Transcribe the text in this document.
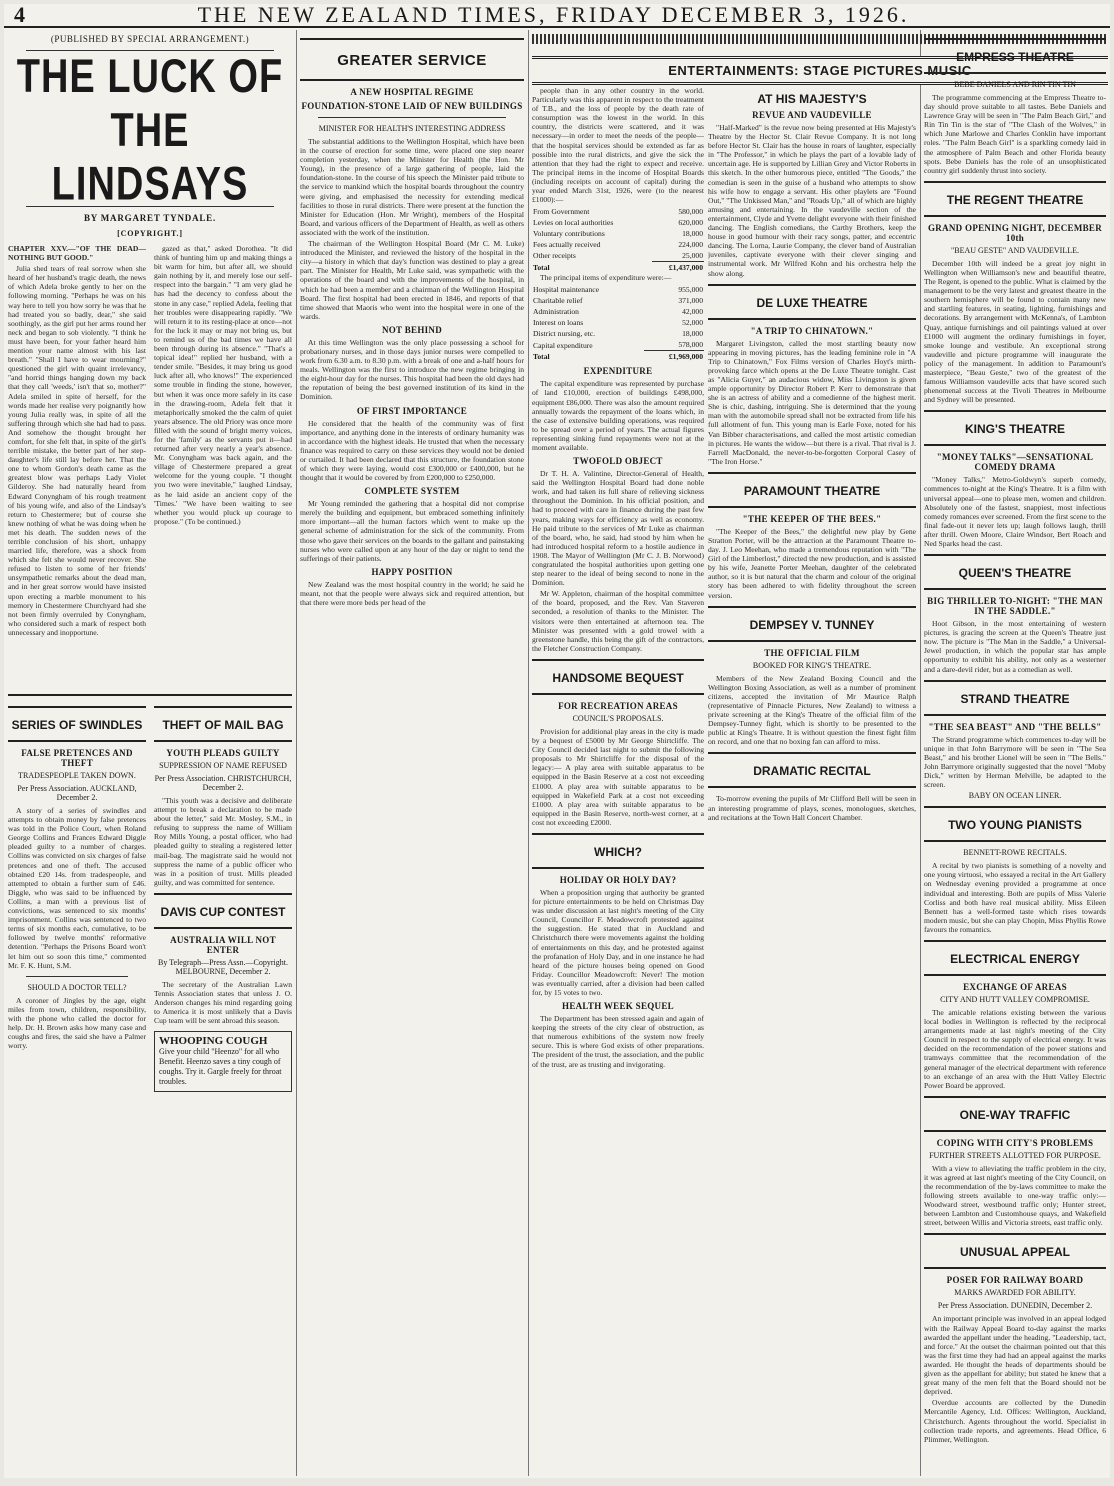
4	THE NEW ZEALAND TIMES, FRIDAY DECEMBER 3, 1926.
(PUBLISHED BY SPECIAL ARRANGEMENT.)
THE LUCK OF THE LINDSAYS
BY MARGARET TYNDALE.
[COPYRIGHT.]

CHAPTER XXV.—"OF THE DEAD—NOTHING BUT GOOD."

Julia shed tears of real sorrow when she heard of her husband's tragic death, the news of which Adela broke gently to her on the following morning. "Perhaps he was on his way here to tell you how sorry he was that he had treated you so badly, dear," she said soothingly, as the girl put her arms round her neck and began to sob violently. "I think he must have been, for your father heard him mention your name almost with his last breath." "Shall I have to wear mourning?" questioned the girl with quaint irrelevancy, "and horrid things hanging down my back that they call 'weeds,' isn't that so, mother?" Adela smiled in spite of herself, for the words made her realise very poignantly how young Julia really was, in spite of all the suffering through which she had had to pass. And somehow the thought brought her comfort, for she felt that, in spite of the girl's terrible mistake, the better part of her step-daughter's life still lay before her. That the one to whom Gordon's death came as the greatest blow was perhaps Lady Violet Gilderoy. She had naturally heard from Edward Conyngham of his rough treatment of his young wife, and also of the Lindsay's return to Chestermere; but of course she knew nothing of what he was doing when he met his death. The sudden news of the terrible conclusion of his short, unhappy married life, therefore, was a shock from which she felt she would never recover. She refused to listen to some of her friends' unsympathetic remarks about the dead man, and in her great sorrow would have insisted upon erecting a marble monument to his memory in Chestermere Churchyard had she not been firmly overruled by Conyngham, who considered such a mark of respect both unnecessary and inopportune.

gazed as that," asked Dorothea. "It did think of hunting him up and making things a bit warm for him, but after all, we should gain nothing by it, and merely lose our self-respect into the bargain." "I am very glad he has had the decency to confess about the stone in any case," replied Adela, feeling that her troubles were disappearing rapidly. "We will return it to its resting-place at once—not for the luck it may or may not bring us, but to remind us of the bad times we have all been through during its absence." "That's a topical idea!" replied her husband, with a tender smile. "Besides, it may bring us good luck after all, who knows!" The experienced some trouble in finding the stone, however, but when it was once more safely in its case in the drawing-room, Adela felt that it metaphorically smoked the the calm of quiet years absence. The old Priory was once more filled with the sound of bright merry voices, for the 'family' as the servants put it—had returned after very nearly a year's absence. Mr. Conyngham was back again, and the village of Chestermere prepared a great welcome for the young couple. "I thought you two were inevitable," laughed Lindsay, as he laid aside an ancient copy of the 'Times.' "We have been waiting to see whether you would pluck up courage to propose." (To be continued.)

SERIES OF SWINDLES
FALSE PRETENCES AND THEFT
TRADESPEOPLE TAKEN DOWN.
Per Press Association. AUCKLAND, December 2.

A story of a series of swindles and attempts to obtain money by false pretences was told in the Police Court, when Roland George Collins and Frances Edward Diggle pleaded guilty to a number of charges. Collins was convicted on six charges of false pretences and one of theft. The accused obtained £20 14s. from tradespeople, and attempted to obtain a further sum of £46. Diggle, who was said to be influenced by Collins, a man with a previous list of convictions, was sentenced to six months' imprisonment. Collins was sentenced to two terms of six months each, cumulative, to be followed by twelve months' reformative detention. "Perhaps the Prisons Board won't let him out so soon this time," commented Mr. F. K. Hunt, S.M.

SHOULD A DOCTOR TELL?

A coroner of Jingles by the age, eight miles from town, children, responsibility, with the phone who called the doctor for help. Dr. H. Brown asks how many case and coughs and fires, the said she have a Palmer worry.

THEFT OF MAIL BAG
YOUTH PLEADS GUILTY
SUPPRESSION OF NAME REFUSED
Per Press Association. CHRISTCHURCH, December 2.

"This youth was a decisive and deliberate attempt to break a declaration to be made about the letter," said Mr. Mosley, S.M., in refusing to suppress the name of William Roy Mills Young, a postal officer, who had pleaded guilty to stealing a registered letter mail-bag. The magistrate said he would not suppress the name of a public officer who was in a position of trust. Mills pleaded guilty, and was committed for sentence.

DAVIS CUP CONTEST
AUSTRALIA WILL NOT ENTER
By Telegraph—Press Assn.—Copyright. MELBOURNE, December 2.

The secretary of the Australian Lawn Tennis Association states that unless J. O. Anderson changes his mind regarding going to America it is most unlikely that a Davis Cup team will be sent abroad this season.

WHOOPING COUGH
Give your child "Heenzo" for all who Benefit. Heenzo saves a tiny cough of coughs. Try it. Gargle freely for throat troubles.
GREATER SERVICE
A NEW HOSPITAL REGIME
FOUNDATION-STONE LAID OF NEW BUILDINGS
MINISTER FOR HEALTH'S INTERESTING ADDRESS

The substantial additions to the Wellington Hospital, which have been in the course of erection for some time, were placed one step nearer completion yesterday, when the Minister for Health (the Hon. Mr Young), in the presence of a large gathering of people, laid the foundation-stone. In the course of his speech the Minister paid tribute to the service to mankind which the hospital boards throughout the country were giving, and emphasised the necessity for extending medical facilities to those in rural districts. There were present at the function the Minister for Education (Hon. Mr Wright), members of the Hospital Board, and various officers of the Department of Health, as well as others associated with the work of the institution.

The chairman of the Wellington Hospital Board (Mr C. M. Luke) introduced the Minister, and reviewed the history of the hospital in the city—a history in which that day's function was destined to play a great part. The Minister for Health, Mr Luke said, was sympathetic with the operations of the board and with the improvements of the hospital, in which he had been a member and a chairman of the Wellington Hospital Board. The first hospital had been erected in 1846, and reports of that time showed that Maoris who went into the hospital were in one of the wards.

NOT BEHIND

At this time Wellington was the only place possessing a school for probationary nurses, and in those days junior nurses were compelled to work from 6.30 a.m. to 8.30 p.m. with a break of one and a-half hours for meals. Wellington was the first to introduce the new regime bringing in the eight-hour day for the nurses. This hospital had been the old days had the reputation of being the best governed institution of its kind in the Dominion.

OF FIRST IMPORTANCE

He considered that the health of the community was of first importance, and anything done in the interests of ordinary humanity was in accordance with the highest ideals. He trusted that when the necessary finance was required to carry on these services they would not be denied or curtailed. It had been declared that this structure, the foundation stone of which they were laying, would cost £300,000 or £400,000, but he thought that it would be covered by from £200,000 to £250,000.

COMPLETE SYSTEM

Mr Young reminded the gathering that a hospital did not comprise merely the building and equipment, but embraced something infinitely more important—all the human factors which went to make up the general scheme of administration for the sick of the community. From those who gave their services on the boards to the gallant and painstaking nurses who were called upon at any hour of the day or night to tend the sufferings of their patients.

HAPPY POSITION

New Zealand was the most hospital country in the world; he said he meant, not that the people were always sick and required attention, but that there were more beds per head of the

ENTERTAINMENTS: STAGE PICTURES MUSIC

people than in any other country in the world. Particularly was this apparent in respect to the treatment of T.B., and the loss of people by the death rate of consumption was the lowest in the world. In this country, the districts were scattered, and it was necessary—in order to meet the needs of the people—that the hospital services should be extended as far as possible into the rural districts, and give the sick the attention that they had the right to expect and receive. The principal items in the income of Hospital Boards (including receipts on account of capital) during the year ended March 31st, 1926, were (to the nearest £1000):—

From Government	580,000
Levies on local authorities	620,000
Voluntary contributions	18,000
Fees actually received	224,000
Other receipts	25,000
Total	£1,437,000

The principal items of expenditure were:—

Hospital maintenance	955,000
Charitable relief	371,000
Administration	42,000
Interest on loans	52,000
District nursing, etc.	18,000
Capital expenditure	578,000
Total	£1,969,000
EXPENDITURE

The capital expenditure was represented by purchase of land £10,000, erection of buildings £498,000, equipment £86,000. There was also the amount required annually towards the repayment of the loans which, in the case of extensive building operations, was required to be spread over a period of years. The actual figures representing sinking fund repayments were not at the moment available.

TWOFOLD OBJECT

Dr T. H. A. Valintine, Director-General of Health, said the Wellington Hospital Board had done noble work, and had taken its full share of relieving sickness throughout the Dominion. In his official position, and had to proceed with care in finance during the past few years, making ways for efficiency as well as economy. He paid tribute to the services of Mr Luke as chairman of the board, who, he said, had stood by him when he had introduced hospital reform to a hostile audience in 1908. The Mayor of Wellington (Mr C. J. B. Norwood) congratulated the hospital authorities upon getting one step nearer to the ideal of being second to none in the Dominion.

Mr W. Appleton, chairman of the hospital committee of the board, proposed, and the Rev. Van Staveren seconded, a resolution of thanks to the Minister. The visitors were then entertained at afternoon tea. The Minister was presented with a gold trowel with a greenstone handle, this being the gift of the contractors, the Fletcher Construction Company.

HANDSOME BEQUEST
FOR RECREATION AREAS
COUNCIL'S PROPOSALS.

Provision for additional play areas in the city is made by a bequest of £5000 by Mr George Shirtcliffe. The City Council decided last night to submit the following proposals to Mr Shirtcliffe for the disposal of the legacy:— A play area with suitable apparatus to be equipped in the Basin Reserve at a cost not exceeding £1000. A play area with suitable apparatus to be equipped in Wakefield Park at a cost not exceeding £1000. A play area with suitable apparatus to be equipped in the Basin Reserve, north-west corner, at a cost not exceeding £2000.

WHICH?
HOLIDAY OR HOLY DAY?

When a proposition urging that authority be granted for picture entertainments to be held on Christmas Day was under discussion at last night's meeting of the City Council, Councillor F. Meadowcroft protested against the suggestion. He stated that in Auckland and Christchurch there were movements against the holding of entertainments on this day, and he protested against the profanation of Holy Day, and in one instance he had heard of the picture houses being opened on Good Friday. Councillor Meadowcroft: Never! The motion was eventually carried, after a division had been called for, by 15 votes to two.

HEALTH WEEK SEQUEL

The Department has been stressed again and again of keeping the streets of the city clear of obstruction, as that numerous exhibitions of the system now freely secure. This is where God exists of other preparations. The president of the trust, the association, and the public of the trust, are as trusting and invigorating.

AT HIS MAJESTY'S
REVUE AND VAUDEVILLE

"Half-Marked" is the revue now being presented at His Majesty's Theatre by the Hector St. Clair Revue Company. It is not long before Hector St. Clair has the house in roars of laughter, especially in "The Professor," in which he plays the part of a lovable lady of uncertain age. He is supported by Lillian Grey and Victor Roberts in this sketch. In the other humorous piece, entitled "The Goods," the comedian is seen in the guise of a husband who attempts to show his wife how to engage a servant. His other playlets are "Found Out," "The Unkissed Man," and "Roads Up," all of which are highly amusing and entertaining. In the vaudeville section of the entertainment, Clyde and Yvette delight everyone with their finished dancing. The English comedians, the Carthy Brothers, keep the house in good humour with their racy songs, patter, and eccentric dancing. The Lorna, Laurie Company, the clever band of Australian juveniles, captivate everyone with their clever singing and instrumental work. Mr Wilfred Kohn and his orchestra help the show along.

DE LUXE THEATRE
"A TRIP TO CHINATOWN."

Margaret Livingston, called the most startling beauty now appearing in moving pictures, has the leading feminine role in "A Trip to Chinatown," Fox Films version of Charles Hoyt's mirth-provoking farce which opens at the De Luxe Theatre tonight. Cast as "Alicia Guyer," an audacious widow, Miss Livingston is given ample opportunity by Director Robert P. Kerr to demonstrate that she is an actress of ability and a comedienne of the highest merit. She is chic, dashing, intriguing. She is determined that the young man with the automobile spread shall not be extracted from life his full allotment of fun. This young man is Earle Foxe, noted for his Van Bibber characterisations, and called the most artistic comedian in pictures. He wants the widow—but there is a rival. That rival is J. Farrell MacDonald, the never-to-be-forgotten Corporal Casey of "The Iron Horse."

PARAMOUNT THEATRE
"THE KEEPER OF THE BEES."

"The Keeper of the Bees," the delightful new play by Gene Stratton Porter, will be the attraction at the Paramount Theatre to-day. J. Leo Meehan, who made a tremendous reputation with "The Girl of the Limberlost," directed the new production, and is assisted by his wife, Jeanette Porter Meehan, daughter of the celebrated author, so it is but natural that the charm and colour of the original story has been adhered to with fidelity throughout the screen version.

DEMPSEY V. TUNNEY
THE OFFICIAL FILM
BOOKED FOR KING'S THEATRE.

Members of the New Zealand Boxing Council and the Wellington Boxing Association, as well as a number of prominent citizens, accepted the invitation of Mr Maurice Ralph (representative of Pinnacle Pictures, New Zealand) to witness a private screening at the King's Theatre of the official film of the Dempsey-Tunney fight, which is shortly to be presented to the public at King's Theatre. It is without question the finest fight film on record, and one that no boxing fan can afford to miss.

DRAMATIC RECITAL

To-morrow evening the pupils of Mr Clifford Bell will be seen in an interesting programme of plays, scenes, monologues, sketches, and recitations at the Town Hall Concert Chamber.

EMPRESS THEATRE
BEBE DANIELS AND RIN TIN TIN

The programme commencing at the Empress Theatre to-day should prove suitable to all tastes. Bebe Daniels and Lawrence Gray will be seen in "The Palm Beach Girl," and Rin Tin Tin is the star of "The Clash of the Wolves," in which June Marlowe and Charles Conklin have important roles. "The Palm Beach Girl" is a sparkling comedy laid in the atmosphere of Palm Beach and other Florida beauty spots. Bebe Daniels has the role of an unsophisticated country girl suddenly thrust into society.

THE REGENT THEATRE
GRAND OPENING NIGHT, DECEMBER 10th
"BEAU GESTE" AND VAUDEVILLE.

December 10th will indeed be a great joy night in Wellington when Williamson's new and beautiful theatre, The Regent, is opened to the public. What is claimed by the management to be the very latest and greatest theatre in the southern hemisphere will be found to contain many new and startling features, in seating, lighting, furnishings and decorations. By arrangement with McKenna's, of Lambton Quay, antique furnishings and oil paintings valued at over £1000 will augment the ordinary furnishings in foyer, smoke lounge and vestibule. An exceptional strong vaudeville and picture programme will inaugurate the policy of the management. In addition to Paramount's masterpiece, "Beau Geste," two of the greatest of the famous Williamson vaudeville acts that have scored such phenomenal success at the Tivoli Theatres in Melbourne and Sydney will be presented.

KING'S THEATRE
"MONEY TALKS"—SENSATIONAL COMEDY DRAMA

"Money Talks," Metro-Goldwyn's superb comedy, commences to-night at the King's Theatre. It is a film with universal appeal—one to please men, women and children. Absolutely one of the fastest, snappiest, most infectious comedy romances ever screened. From the first scene to the final fade-out it never lets up; laugh follows laugh, thrill after thrill. Owen Moore, Claire Windsor, Bert Roach and Ned Sparks head the cast.

QUEEN'S THEATRE
BIG THRILLER TO-NIGHT: "THE MAN IN THE SADDLE."

Hoot Gibson, in the most entertaining of western pictures, is gracing the screen at the Queen's Theatre just now. The picture is "The Man in the Saddle," a Universal-Jewel production, in which the popular star has ample opportunity to exhibit his ability, not only as a westerner and a dare-devil rider, but as a comedian as well.

STRAND THEATRE
"THE SEA BEAST" AND "THE BELLS"

The Strand programme which commences to-day will be unique in that John Barrymore will be seen in "The Sea Beast," and his brother Lionel will be seen in "The Bells." John Barrymore originally suggested that the novel "Moby Dick," written by Herman Melville, be adapted to the screen.

BABY ON OCEAN LINER.
TWO YOUNG PIANISTS
BENNETT-ROWE RECITALS.

A recital by two pianists is something of a novelty and one young virtuosi, who essayed a recital in the Art Gallery on Wednesday evening provided a programme at once individual and interesting. Both are pupils of Miss Valerie Corliss and both have real musical ability. Miss Eileen Bennett has a well-formed taste which rises towards modern music, but she can play Chopin, Miss Phyllis Rowe favours the romantics.

ELECTRICAL ENERGY
EXCHANGE OF AREAS
CITY AND HUTT VALLEY COMPROMISE.

The amicable relations existing between the various local bodies in Wellington is reflected by the reciprocal arrangements made at last night's meeting of the City Council in respect to the supply of electrical energy. It was decided on the recommendation of the power stations and tramways committee that the recommendation of the general manager of the electrical department with reference to an exchange of an area with the Hutt Valley Electric Power Board be approved.

ONE-WAY TRAFFIC
COPING WITH CITY'S PROBLEMS
FURTHER STREETS ALLOTTED FOR PURPOSE.

With a view to alleviating the traffic problem in the city, it was agreed at last night's meeting of the City Council, on the recommendation of the by-laws committee to make the following streets available to one-way traffic only:— Woodward street, westbound traffic only; Hunter street, between Lambton and Customhouse quays, and Wakefield street, between Willis and Victoria streets, east traffic only.

UNUSUAL APPEAL
POSER FOR RAILWAY BOARD
MARKS AWARDED FOR ABILITY.
Per Press Association. DUNEDIN, December 2.

An important principle was involved in an appeal lodged with the Railway Appeal Board to-day against the marks awarded the appellant under the heading, "Leadership, tact, and force." At the outset the chairman pointed out that this was the first time they had had an appeal against the marks awarded. He thought the heads of departments should be given as the appellant for ability; but stated he knew that a great many of the men felt that the Board should not be deprived.

Overdue accounts are collected by the Dunedin Mercantile Agency, Ltd. Offices: Wellington, Auckland, Christchurch. Agents throughout the world. Specialist in collection trade reports, and agreements. Head Office, 6 Plimmer, Wellington.
